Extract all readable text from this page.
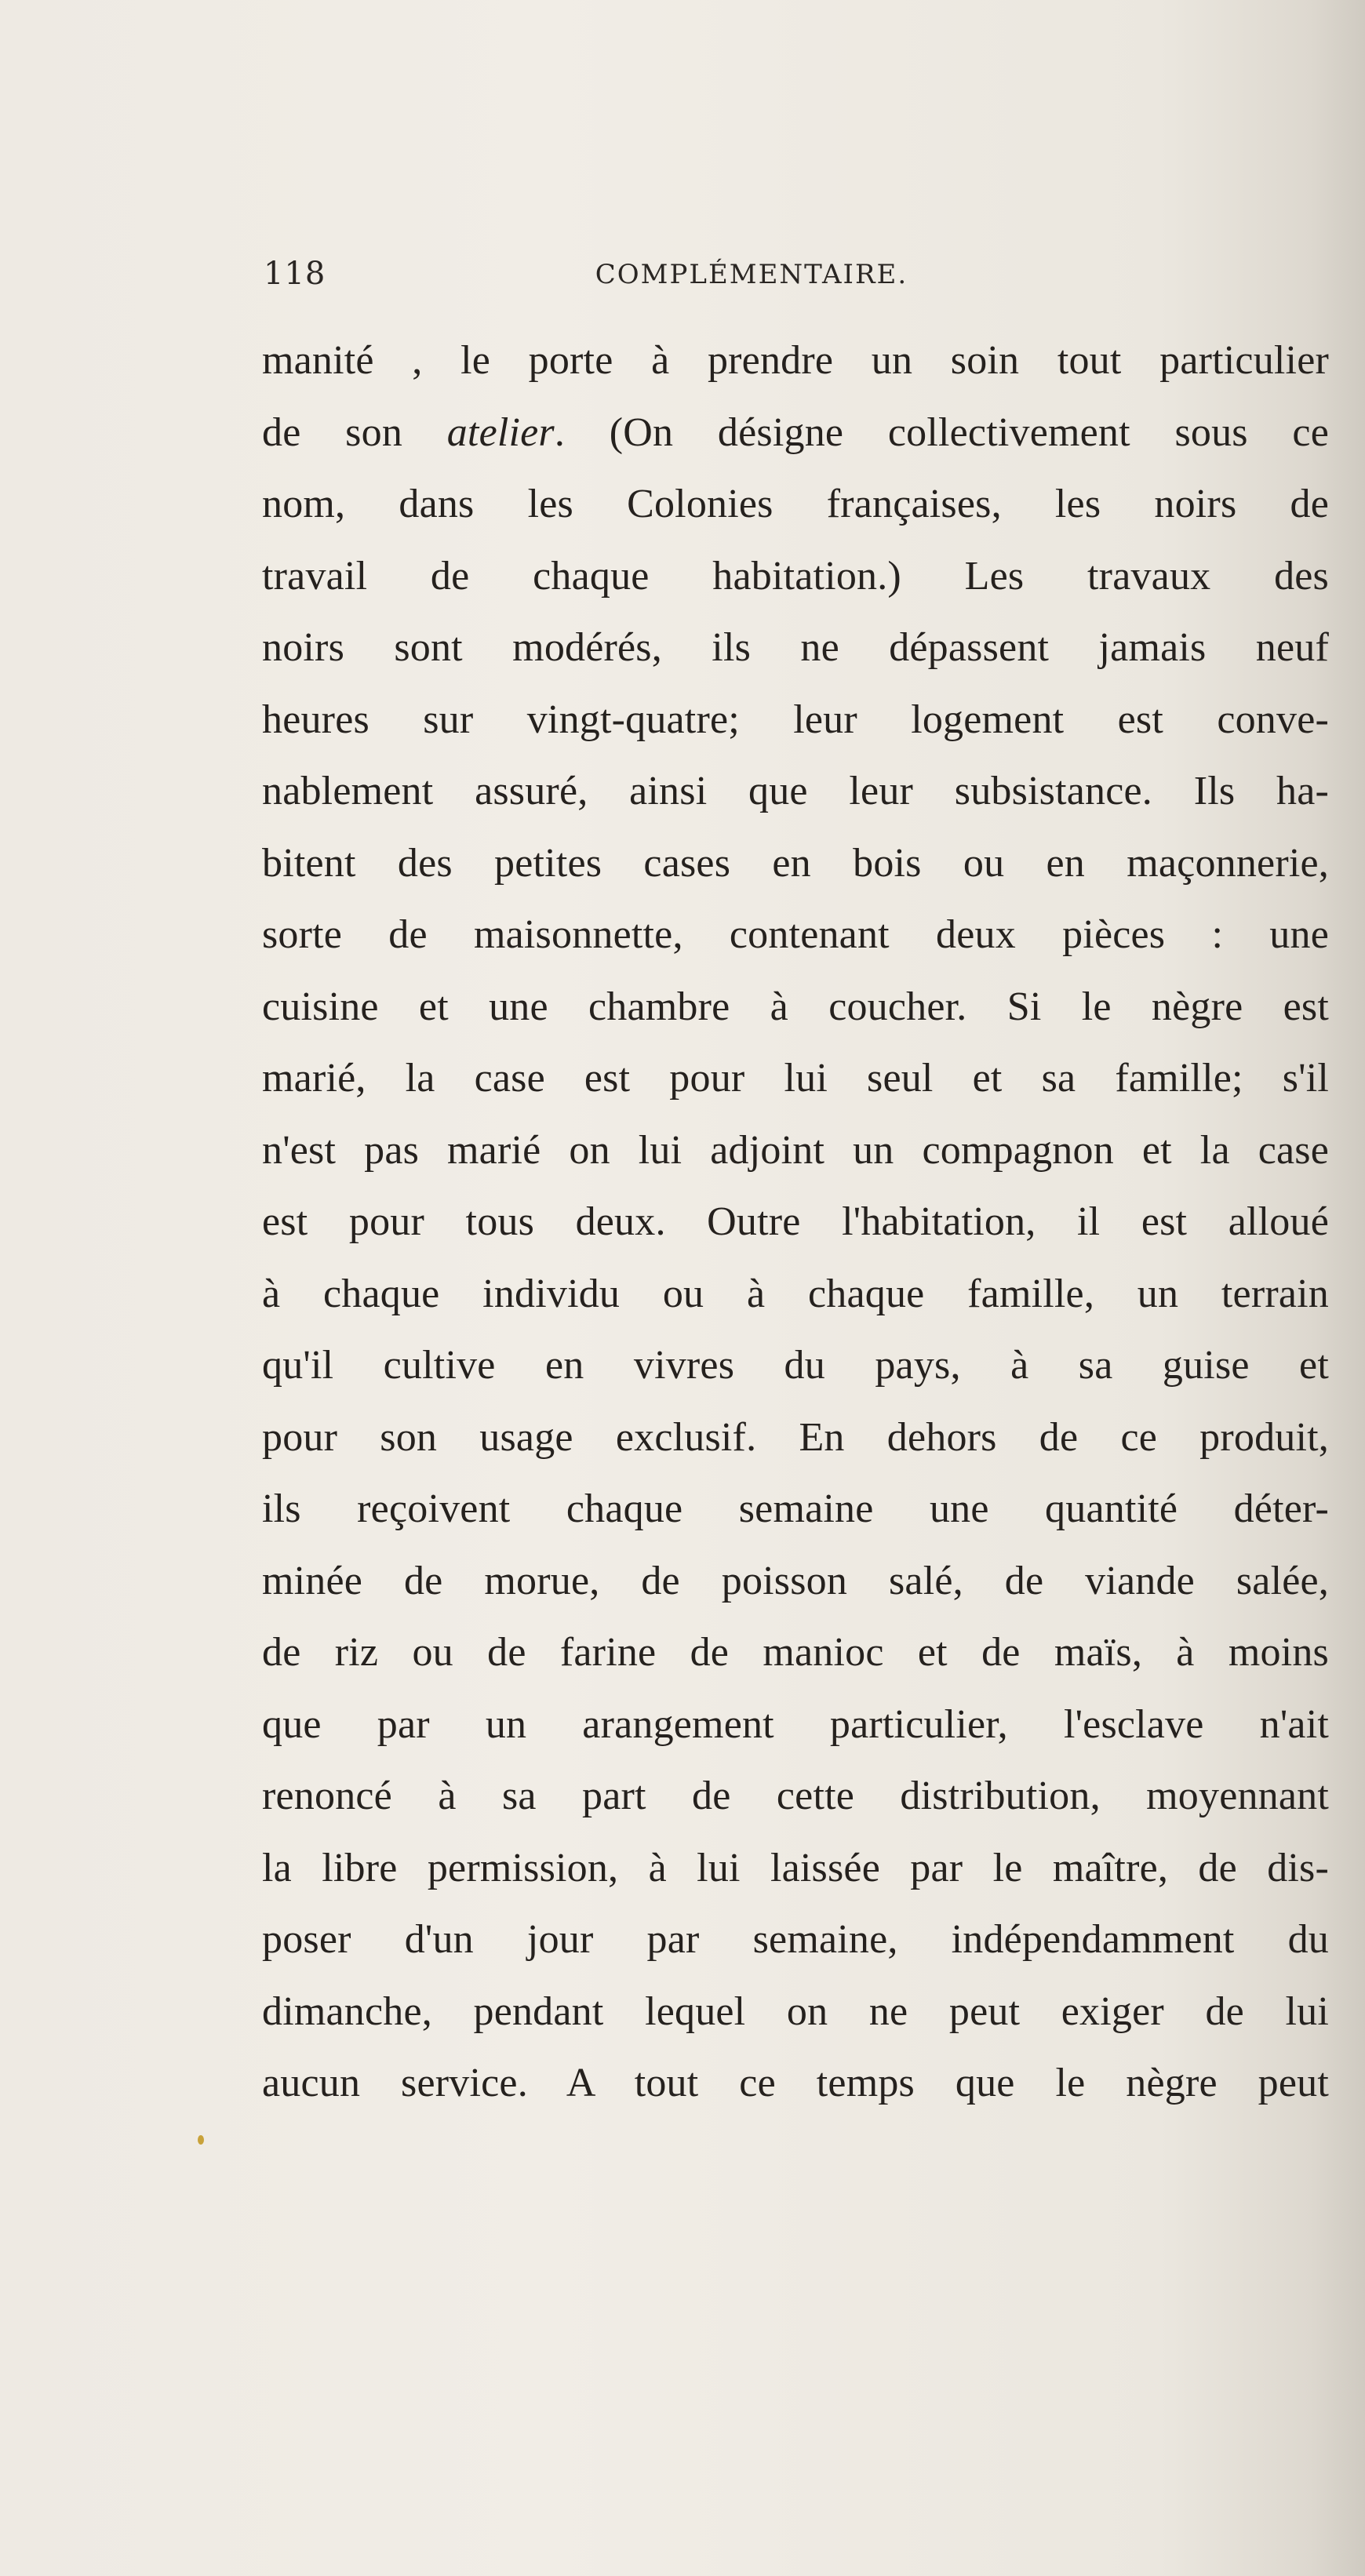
118	COMPLÉMENTAIRE.
manité , le porte à prendre un soin tout particulier
de son atelier. (On désigne collectivement sous ce
nom, dans les Colonies françaises, les noirs de
travail de chaque habitation.) Les travaux des
noirs sont modérés, ils ne dépassent jamais neuf
heures sur vingt-quatre; leur logement est conve-
nablement assuré, ainsi que leur subsistance. Ils ha-
bitent des petites cases en bois ou en maçonnerie,
sorte de maisonnette, contenant deux pièces : une
cuisine et une chambre à coucher. Si le nègre est
marié, la case est pour lui seul et sa famille; s'il
n'est pas marié on lui adjoint un compagnon et la case
est pour tous deux. Outre l'habitation, il est alloué
à chaque individu ou à chaque famille, un terrain
qu'il cultive en vivres du pays, à sa guise et
pour son usage exclusif. En dehors de ce produit,
ils reçoivent chaque semaine une quantité déter-
minée de morue, de poisson salé, de viande salée,
de riz ou de farine de manioc et de maïs, à moins
que par un arangement particulier, l'esclave n'ait
renoncé à sa part de cette distribution, moyennant
la libre permission, à lui laissée par le maître, de dis-
poser d'un jour par semaine, indépendamment du
dimanche, pendant lequel on ne peut exiger de lui
aucun service. A tout ce temps que le nègre peut
